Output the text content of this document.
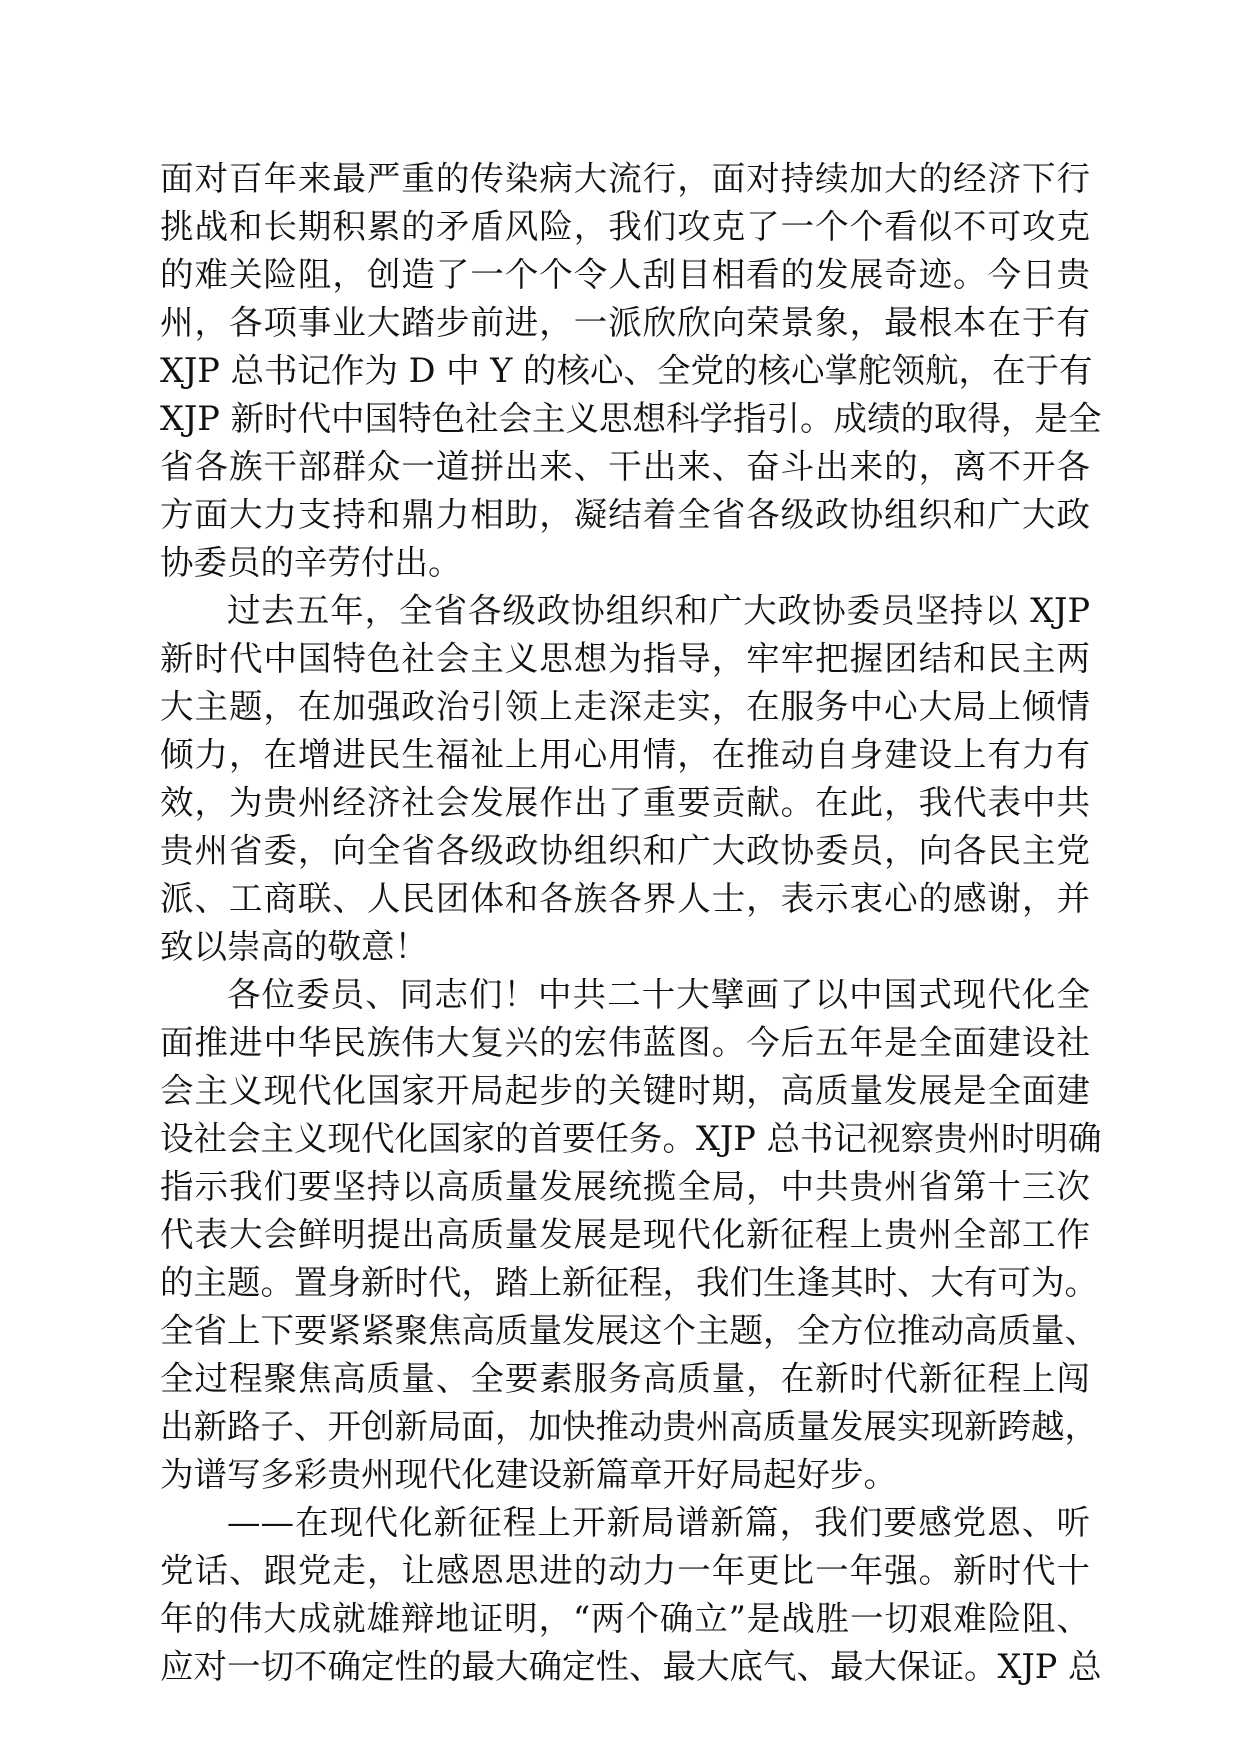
面对百年来最严重的传染病大流行，面对持续加大的经济下行
挑战和长期积累的矛盾风险，我们攻克了一个个看似不可攻克
的难关险阻，创造了一个个令人刮目相看的发展奇迹。今日贵
州，各项事业大踏步前进，一派欣欣向荣景象，最根本在于有
XJP 总书记作为 D 中 Y 的核心、全党的核心掌舵领航，在于有
XJP 新时代中国特色社会主义思想科学指引。成绩的取得，是全
省各族干部群众一道拼出来、干出来、奋斗出来的，离不开各
方面大力支持和鼎力相助，凝结着全省各级政协组织和广大政
协委员的辛劳付出。
过去五年，全省各级政协组织和广大政协委员坚持以 XJP
新时代中国特色社会主义思想为指导，牢牢把握团结和民主两
大主题，在加强政治引领上走深走实，在服务中心大局上倾情
倾力，在增进民生福祉上用心用情，在推动自身建设上有力有
效，为贵州经济社会发展作出了重要贡献。在此，我代表中共
贵州省委，向全省各级政协组织和广大政协委员，向各民主党
派、工商联、人民团体和各族各界人士，表示衷心的感谢，并
致以崇高的敬意！
各位委员、同志们！中共二十大擘画了以中国式现代化全
面推进中华民族伟大复兴的宏伟蓝图。今后五年是全面建设社
会主义现代化国家开局起步的关键时期，高质量发展是全面建
设社会主义现代化国家的首要任务。XJP 总书记视察贵州时明确
指示我们要坚持以高质量发展统揽全局，中共贵州省第十三次
代表大会鲜明提出高质量发展是现代化新征程上贵州全部工作
的主题。置身新时代，踏上新征程，我们生逢其时、大有可为。
全省上下要紧紧聚焦高质量发展这个主题，全方位推动高质量、
全过程聚焦高质量、全要素服务高质量，在新时代新征程上闯
出新路子、开创新局面，加快推动贵州高质量发展实现新跨越，
为谱写多彩贵州现代化建设新篇章开好局起好步。
——在现代化新征程上开新局谱新篇，我们要感党恩、听
党话、跟党走，让感恩思进的动力一年更比一年强。新时代十
年的伟大成就雄辩地证明，“两个确立”是战胜一切艰难险阻、
应对一切不确定性的最大确定性、最大底气、最大保证。XJP 总
